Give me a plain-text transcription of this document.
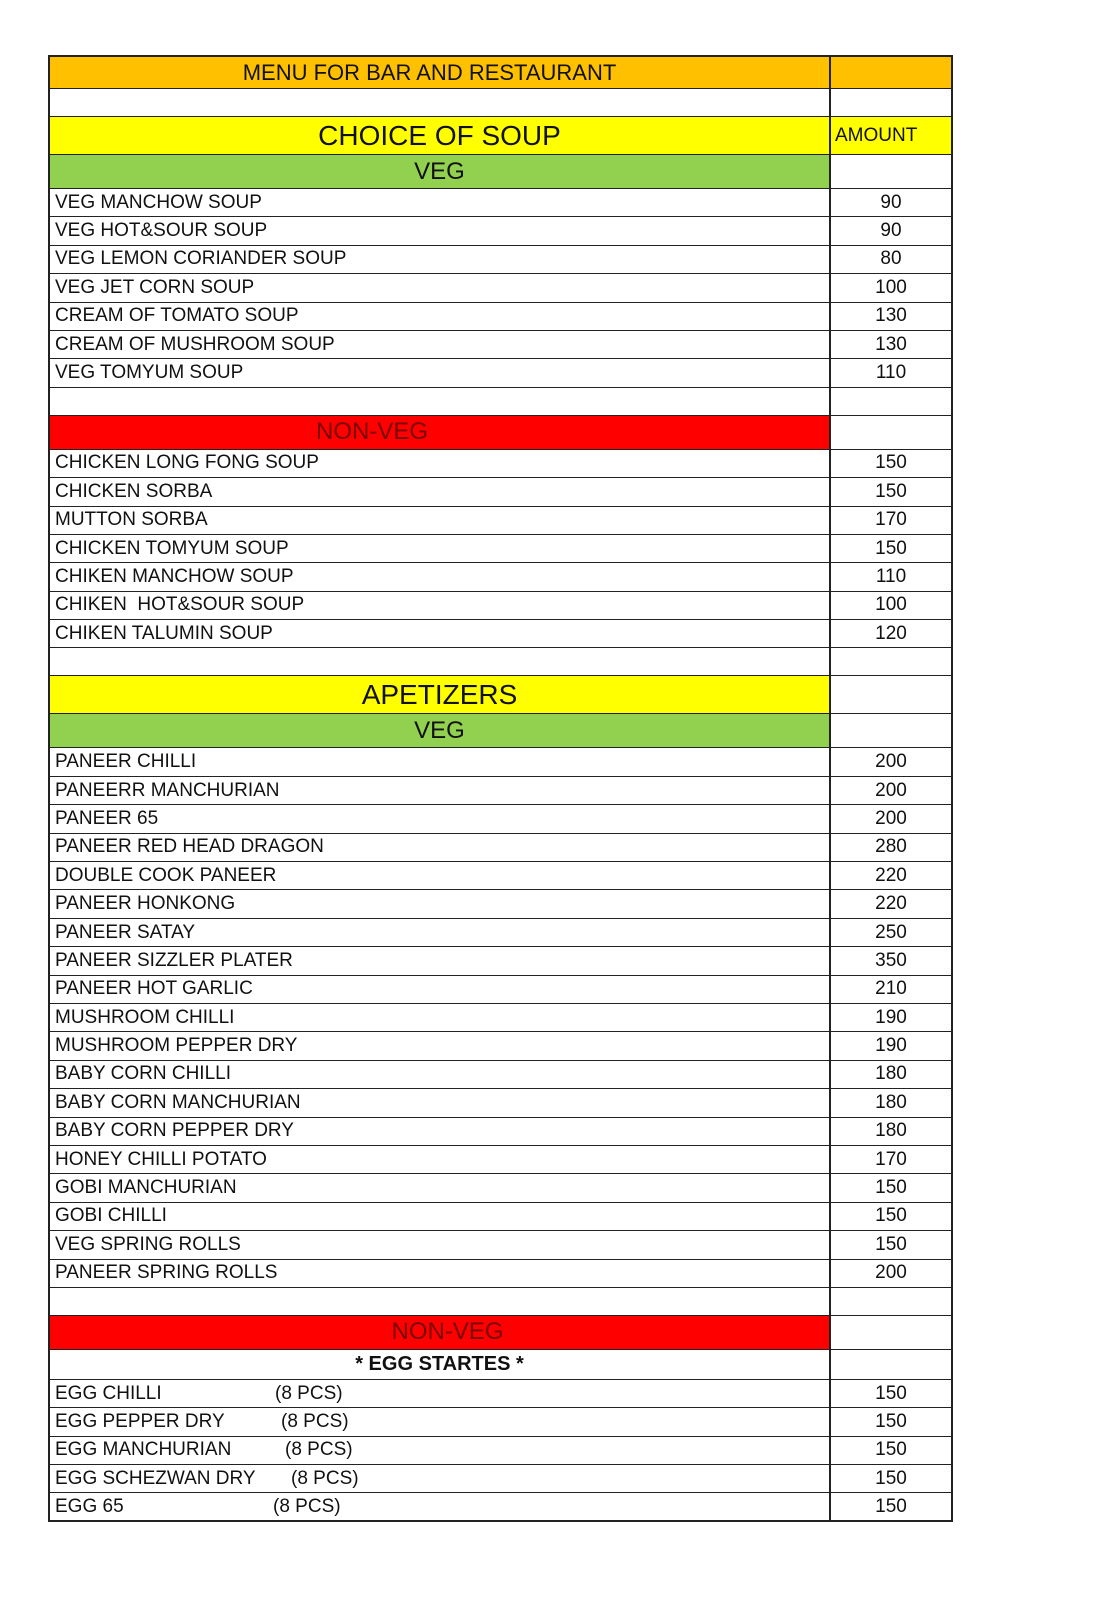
MENU FOR BAR AND RESTAURANT
CHOICE OF SOUP	AMOUNT
VEG
VEG MANCHOW SOUP	90
VEG HOT&SOUR SOUP	90
VEG LEMON CORIANDER SOUP	80
VEG JET CORN SOUP	100
CREAM OF TOMATO SOUP	130
CREAM OF MUSHROOM SOUP	130
VEG TOMYUM SOUP	110
NON-VEG
CHICKEN LONG FONG SOUP	150
CHICKEN SORBA	150
MUTTON SORBA	170
CHICKEN TOMYUM SOUP	150
CHIKEN MANCHOW SOUP	110
CHIKEN  HOT&SOUR SOUP	100
CHIKEN TALUMIN SOUP	120
APETIZERS
VEG
PANEER CHILLI	200
PANEERR MANCHURIAN	200
PANEER 65	200
PANEER RED HEAD DRAGON	280
DOUBLE COOK PANEER	220
PANEER HONKONG	220
PANEER SATAY	250
PANEER SIZZLER PLATER	350
PANEER HOT GARLIC	210
MUSHROOM CHILLI	190
MUSHROOM PEPPER DRY	190
BABY CORN CHILLI	180
BABY CORN MANCHURIAN	180
BABY CORN PEPPER DRY	180
HONEY CHILLI POTATO	170
GOBI MANCHURIAN	150
GOBI CHILLI	150
VEG SPRING ROLLS	150
PANEER SPRING ROLLS	200
NON-VEG
* EGG STARTES *
EGG CHILLI	(8 PCS)	150
EGG PEPPER DRY	(8 PCS)	150
EGG MANCHURIAN	(8 PCS)	150
EGG SCHEZWAN DRY (8 PCS)	150
EGG 65	(8 PCS)	150
